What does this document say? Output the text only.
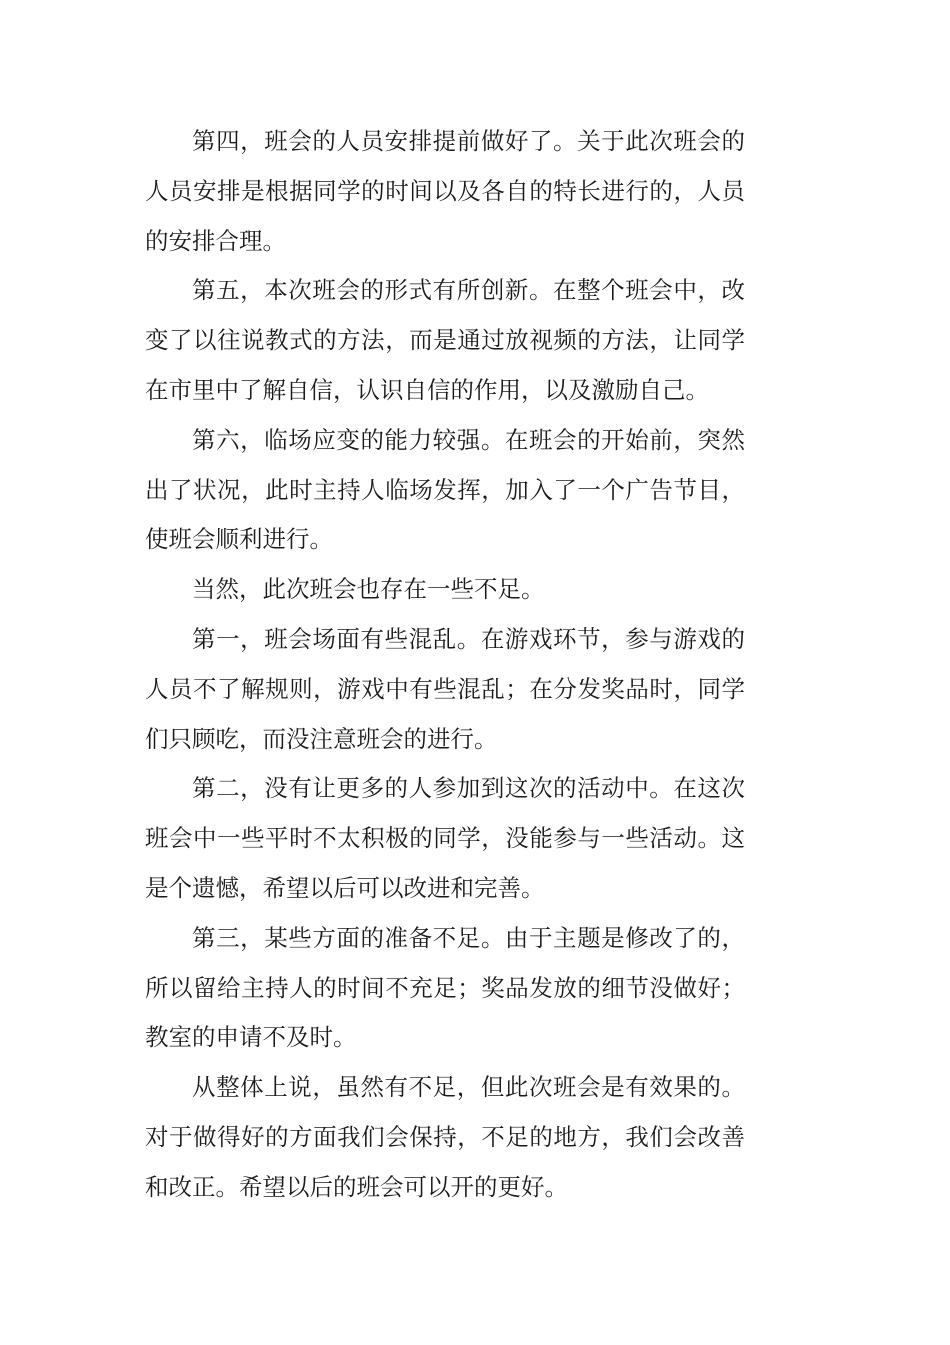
第四，班会的人员安排提前做好了。关于此次班会的人员安排是根据同学的时间以及各自的特长进行的，人员的安排合理。

第五，本次班会的形式有所创新。在整个班会中，改变了以往说教式的方法，而是通过放视频的方法，让同学在市里中了解自信，认识自信的作用，以及激励自己。

第六，临场应变的能力较强。在班会的开始前，突然出了状况，此时主持人临场发挥，加入了一个广告节目，使班会顺利进行。

当然，此次班会也存在一些不足。

第一，班会场面有些混乱。在游戏环节，参与游戏的人员不了解规则，游戏中有些混乱；在分发奖品时，同学们只顾吃，而没注意班会的进行。

第二，没有让更多的人参加到这次的活动中。在这次班会中一些平时不太积极的同学，没能参与一些活动。这是个遗憾，希望以后可以改进和完善。

第三，某些方面的准备不足。由于主题是修改了的，所以留给主持人的时间不充足；奖品发放的细节没做好；教室的申请不及时。

从整体上说，虽然有不足，但此次班会是有效果的。对于做得好的方面我们会保持，不足的地方，我们会改善和改正。希望以后的班会可以开的更好。
